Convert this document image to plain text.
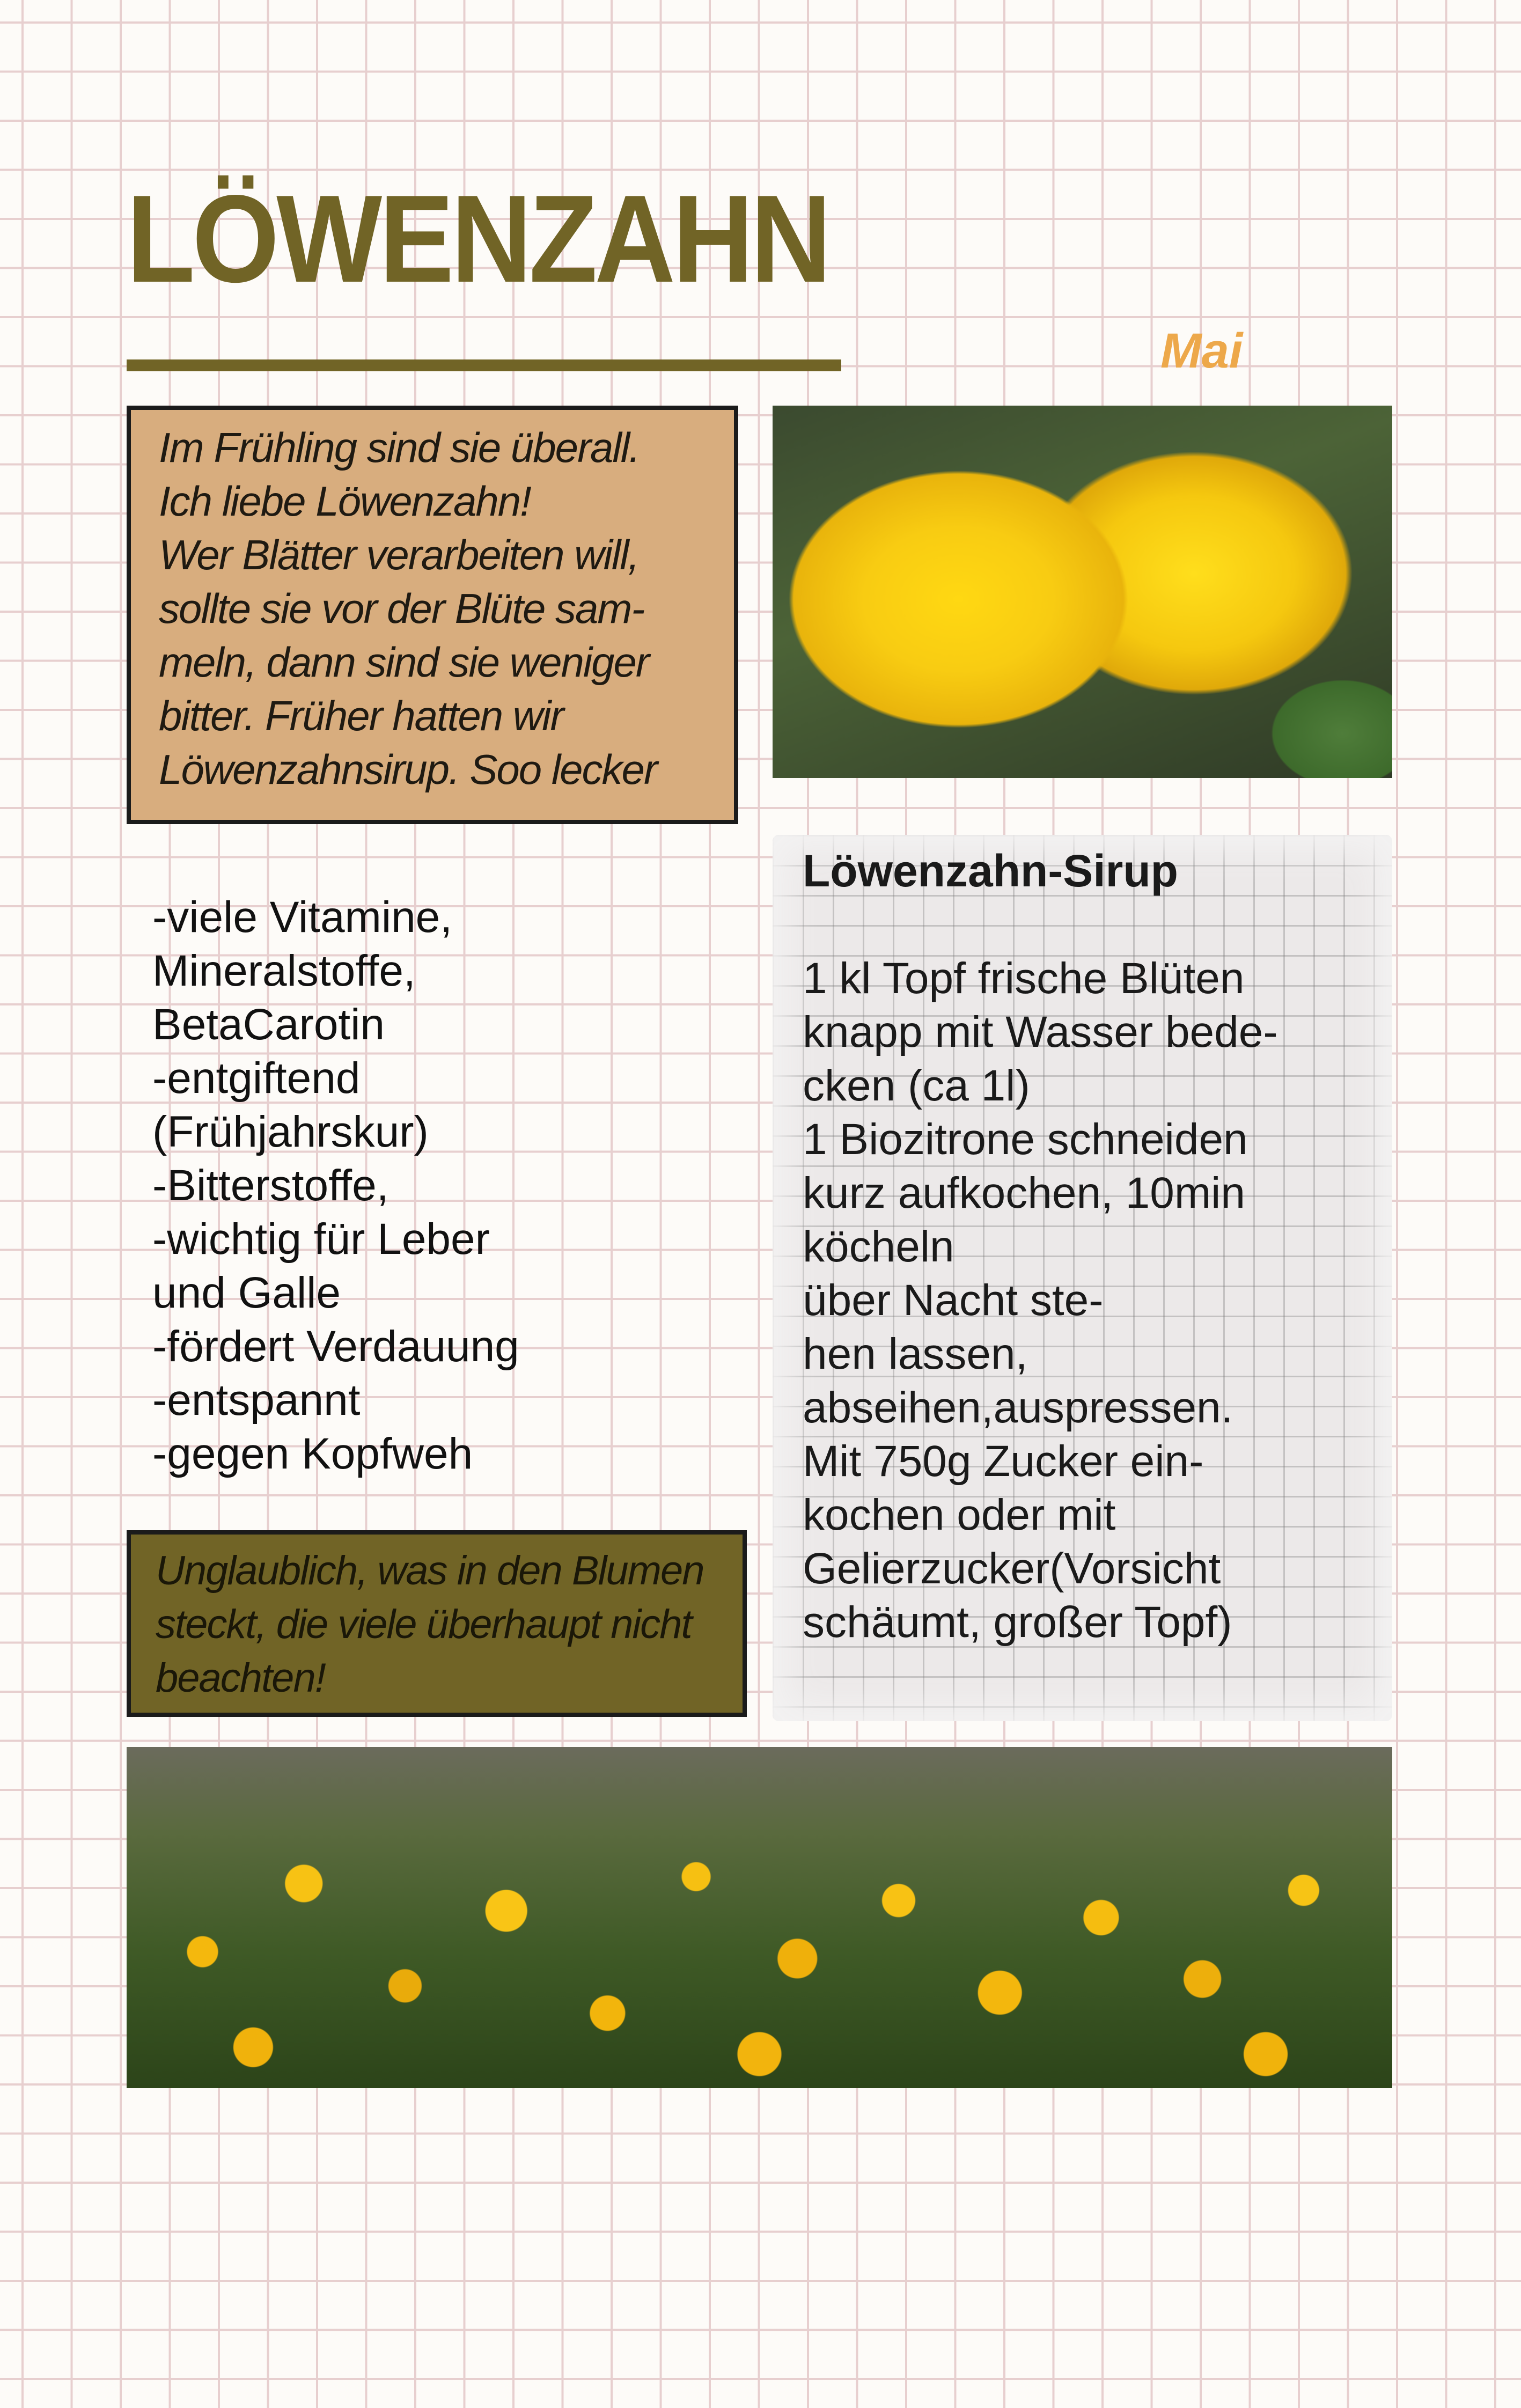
LÖWENZAHN
Mai

Im Frühling sind sie überall.

Ich liebe Löwenzahn!

Wer Blätter verarbeiten will,

sollte sie vor der Blüte sam-

meln, dann sind sie weniger

bitter. Früher hatten wir

Löwenzahnsirup. Soo lecker

-viele Vitamine,
Mineralstoffe,
BetaCarotin
-entgiftend
(Frühjahrskur)
-Bitterstoffe,
-wichtig für Leber
und Galle
-fördert Verdauung
-entspannt
-gegen Kopfweh

Unglaublich, was in den Blumen

steckt, die viele überhaupt nicht

beachten!

Löwenzahn-Sirup
1 kl Topf frische Blüten
knapp mit Wasser bede-
cken (ca 1l)
1 Biozitrone schneiden
kurz aufkochen, 10min
köcheln
über Nacht ste-
hen lassen,
abseihen,auspressen.
Mit 750g Zucker ein-
kochen oder mit
Gelierzucker(Vorsicht
schäumt, großer Topf)
